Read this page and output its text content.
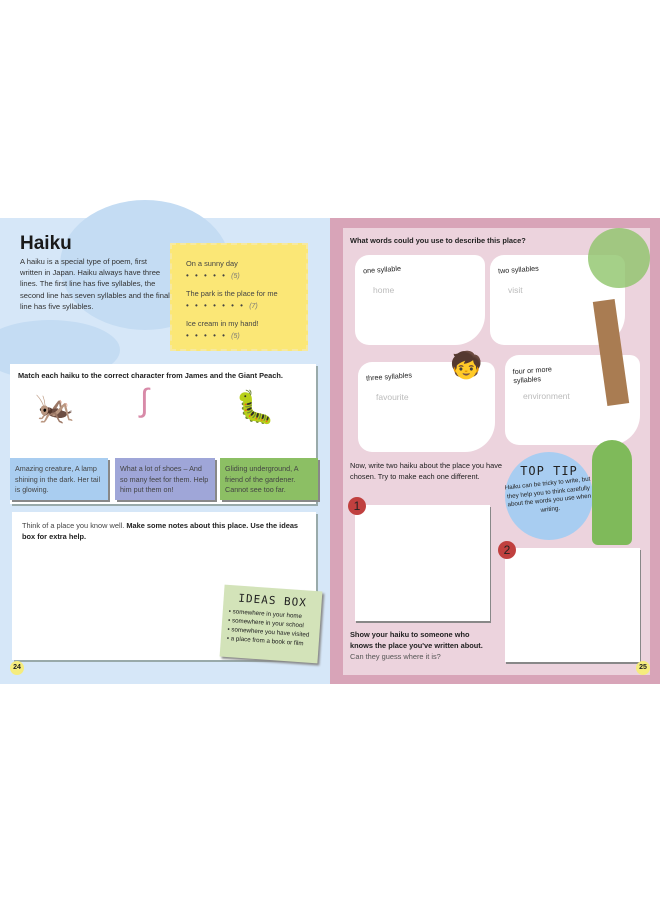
Haiku
A haiku is a special type of poem, first written in Japan. Haiku always have three lines. The first line has five syllables, the second line has seven syllables and the final line has five syllables.
On a sunny day
• • • • • (5)
The park is the place for me
• • • • • • • (7)
Ice cream in my hand!
• • • • • (5)
Match each haiku to the correct character from James and the Giant Peach.
🦗 ∫	🐛
Amazing creature, A lamp shining in the dark. Her tail is glowing.
What a lot of shoes – And so many feet for them. Help him put them on!
Gliding underground, A friend of the gardener. Cannot see too far.
Think of a place you know well. Make some notes about this place. Use the ideas box for extra help.
IDEAS BOX
• somewhere in your home
• somewhere in your school
• somewhere you have visited
• a place from a book or film
24
What words could you use to describe this place?
one syllable
home
two syllables
visit
three syllables
favourite
four or more syllables
environment
🧒
Now, write two haiku about the place you have chosen. Try to make each one different.	TOP TIP

Haiku can be tricky to write, but they help you to think carefully about the words you use when writing.

1
2
Show your haiku to someone who knows the place you've written about.
Can they guess where it is?
25
